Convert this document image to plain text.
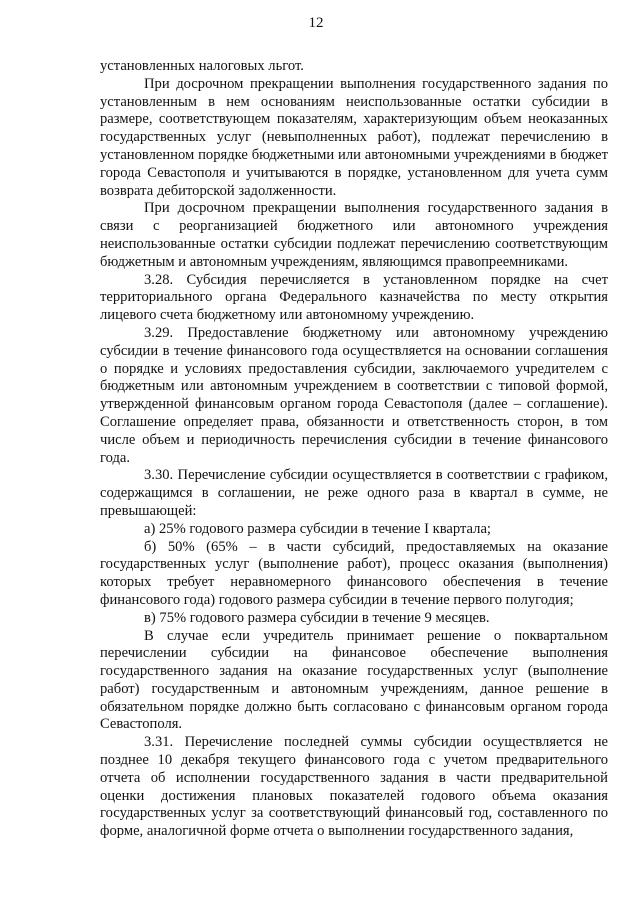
12

установленных налоговых льгот.

При досрочном прекращении выполнения государственного задания по установленным в нем основаниям неиспользованные остатки субсидии в размере, соответствующем показателям, характеризующим объем неоказанных государственных услуг (невыполненных работ), подлежат перечислению в установленном порядке бюджетными или автономными учреждениями в бюджет города Севастополя и учитываются в порядке, установленном для учета сумм возврата дебиторской задолженности.

При досрочном прекращении выполнения государственного задания в связи с реорганизацией бюджетного или автономного учреждения неиспользованные остатки субсидии подлежат перечислению соответствующим бюджетным и автономным учреждениям, являющимся правопреемниками.

3.28. Субсидия перечисляется в установленном порядке на счет территориального органа Федерального казначейства по месту открытия лицевого счета бюджетному или автономному учреждению.

3.29. Предоставление бюджетному или автономному учреждению субсидии в течение финансового года осуществляется на основании соглашения о порядке и условиях предоставления субсидии, заключаемого учредителем с бюджетным или автономным учреждением в соответствии с типовой формой, утвержденной финансовым органом города Севастополя (далее – соглашение). Соглашение определяет права, обязанности и ответственность сторон, в том числе объем и периодичность перечисления субсидии в течение финансового года.

3.30. Перечисление субсидии осуществляется в соответствии с графиком, содержащимся в соглашении, не реже одного раза в квартал в сумме, не превышающей:

а) 25% годового размера субсидии в течение I квартала;

б) 50% (65% – в части субсидий, предоставляемых на оказание государственных услуг (выполнение работ), процесс оказания (выполнения) которых требует неравномерного финансового обеспечения в течение финансового года) годового размера субсидии в течение первого полугодия;

в) 75% годового размера субсидии в течение 9 месяцев.

В случае если учредитель принимает решение о поквартальном перечислении субсидии на финансовое обеспечение выполнения государственного задания на оказание государственных услуг (выполнение работ) государственным и автономным учреждениям, данное решение в обязательном порядке должно быть согласовано с финансовым органом города Севастополя.

3.31. Перечисление последней суммы субсидии осуществляется не позднее 10 декабря текущего финансового года с учетом предварительного отчета об исполнении государственного задания в части предварительной оценки достижения плановых показателей годового объема оказания государственных услуг за соответствующий финансовый год, составленного по форме, аналогичной форме отчета о выполнении государственного задания,
